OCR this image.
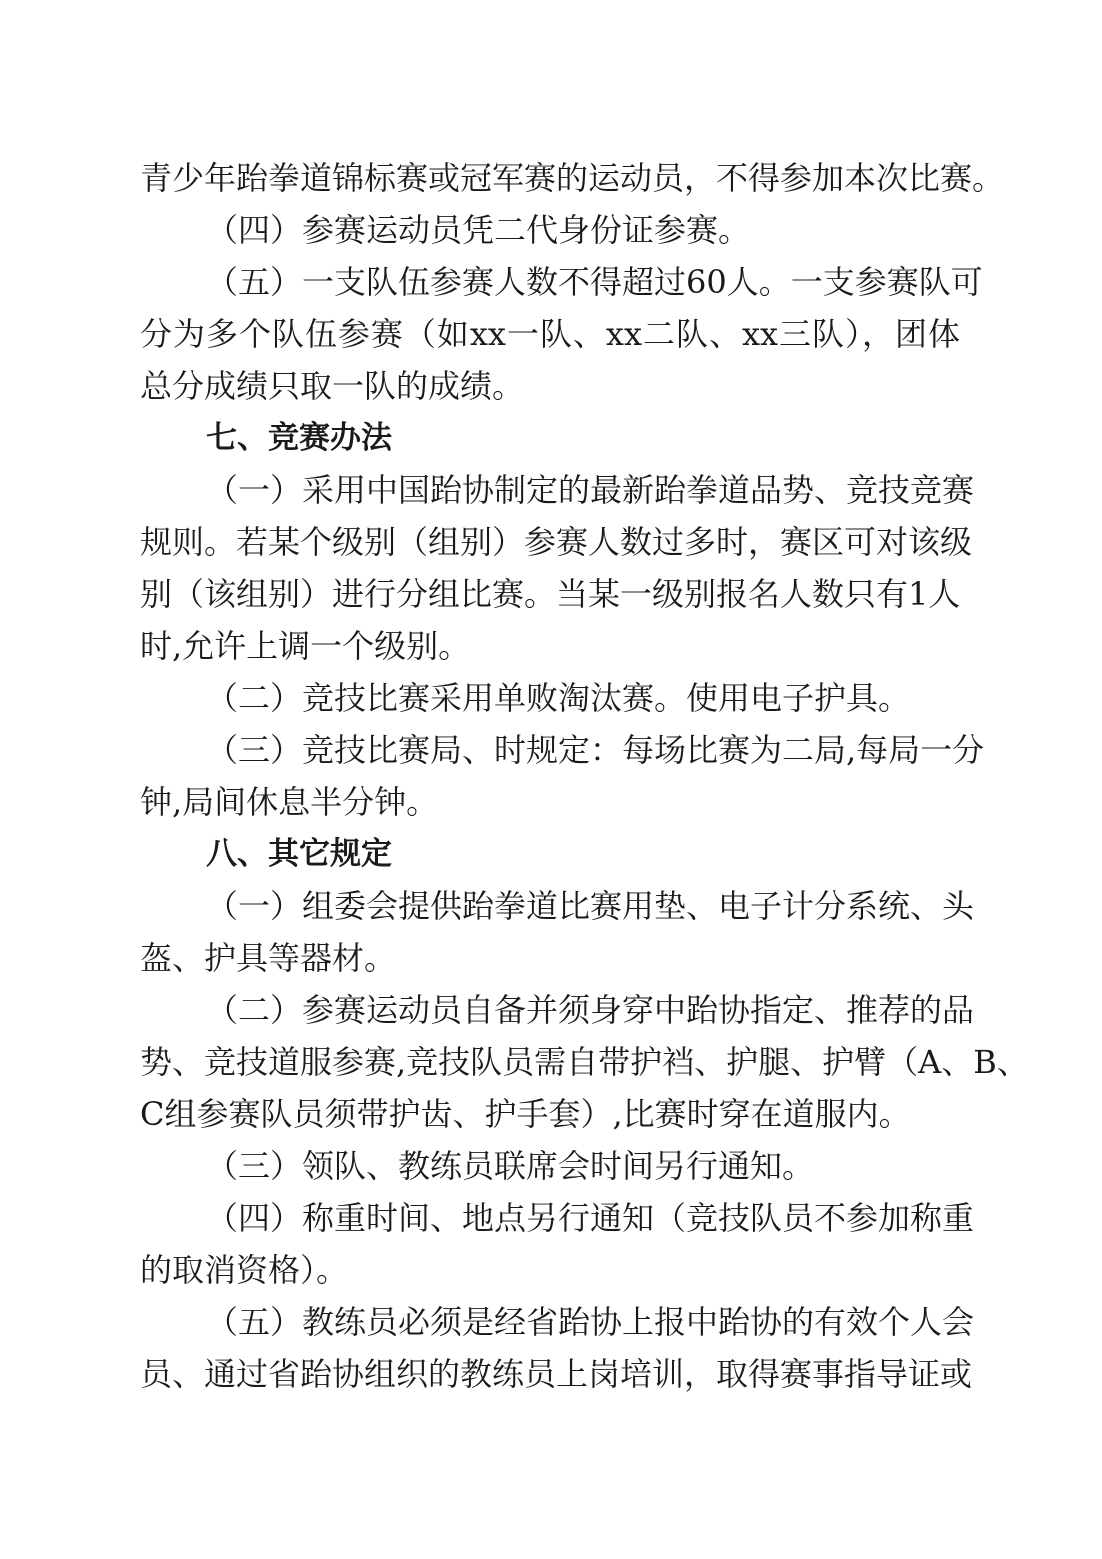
青少年跆拳道锦标赛或冠军赛的运动员，不得参加本次比赛。
（四）参赛运动员凭二代身份证参赛。
（五）一支队伍参赛人数不得超过60人。一支参赛队可
分为多个队伍参赛（如xx一队、xx二队、xx三队），团体
总分成绩只取一队的成绩。
七、竞赛办法
（一）采用中国跆协制定的最新跆拳道品势、竞技竞赛
规则。若某个级别（组别）参赛人数过多时，赛区可对该级
别（该组别）进行分组比赛。当某一级别报名人数只有1人
时,允许上调一个级别。
（二）竞技比赛采用单败淘汰赛。使用电子护具。
（三）竞技比赛局、时规定：每场比赛为二局,每局一分
钟,局间休息半分钟。
八、其它规定
（一）组委会提供跆拳道比赛用垫、电子计分系统、头
盔、护具等器材。
（二）参赛运动员自备并须身穿中跆协指定、推荐的品
势、竞技道服参赛,竞技队员需自带护裆、护腿、护臂（A、B、
C组参赛队员须带护齿、护手套）,比赛时穿在道服内。
（三）领队、教练员联席会时间另行通知。
（四）称重时间、地点另行通知（竞技队员不参加称重
的取消资格）。
（五）教练员必须是经省跆协上报中跆协的有效个人会
员、通过省跆协组织的教练员上岗培训，取得赛事指导证或
